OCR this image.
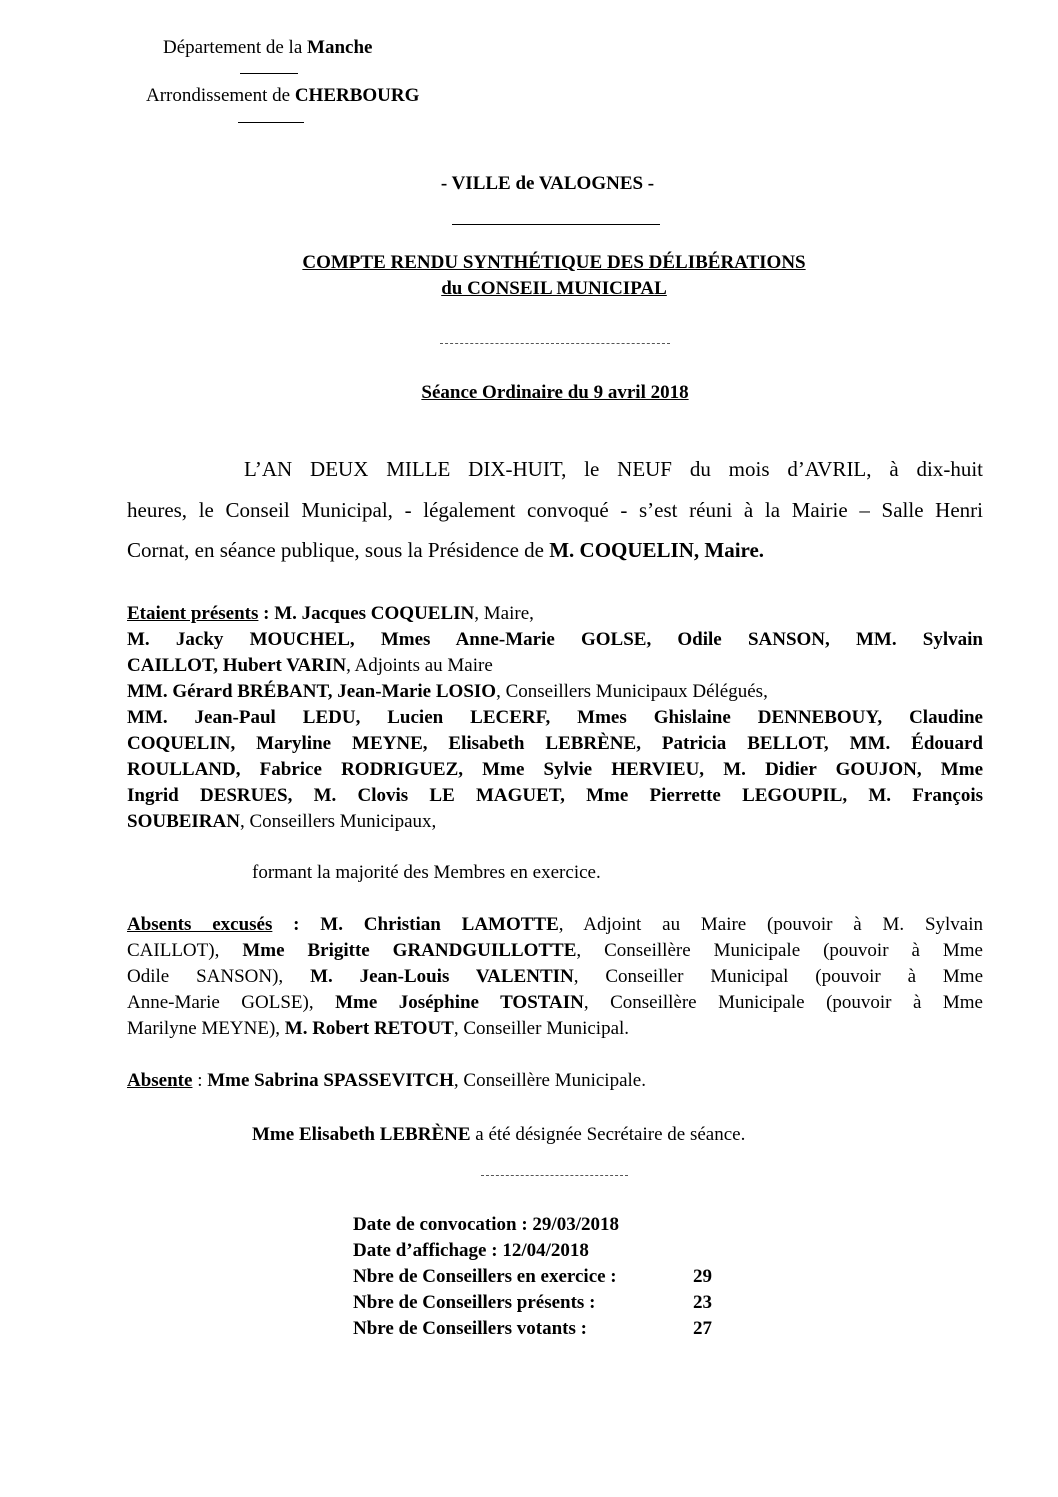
Département de la Manche
Arrondissement de CHERBOURG
- VILLE de VALOGNES -
COMPTE RENDU SYNTHÉTIQUE DES DÉLIBÉRATIONS
du CONSEIL MUNICIPAL
Séance Ordinaire du 9 avril 2018
L’AN DEUX MILLE DIX-HUIT, le NEUF du mois d’AVRIL, à dix-huit
heures, le Conseil Municipal, - légalement convoqué - s’est réuni à la Mairie – Salle Henri
Cornat, en séance publique, sous la Présidence de M. COQUELIN, Maire.
Etaient présents : M. Jacques COQUELIN, Maire,
M. Jacky MOUCHEL, Mmes Anne-Marie GOLSE, Odile SANSON, MM. Sylvain
CAILLOT, Hubert VARIN, Adjoints au Maire
MM. Gérard BRÉBANT, Jean-Marie LOSIO, Conseillers Municipaux Délégués,
MM. Jean-Paul LEDU, Lucien LECERF, Mmes Ghislaine DENNEBOUY, Claudine
COQUELIN, Maryline MEYNE, Elisabeth LEBRÈNE, Patricia BELLOT, MM. Édouard
ROULLAND, Fabrice RODRIGUEZ, Mme Sylvie HERVIEU, M. Didier GOUJON, Mme
Ingrid DESRUES, M. Clovis LE MAGUET, Mme Pierrette LEGOUPIL, M. François
SOUBEIRAN, Conseillers Municipaux,
formant la majorité des Membres en exercice.
Absents excusés : M. Christian LAMOTTE, Adjoint au Maire (pouvoir à M. Sylvain
CAILLOT), Mme Brigitte GRANDGUILLOTTE, Conseillère Municipale (pouvoir à Mme
Odile SANSON), M. Jean-Louis VALENTIN, Conseiller Municipal (pouvoir à Mme
Anne-Marie GOLSE), Mme Joséphine TOSTAIN, Conseillère Municipale (pouvoir à Mme
Marilyne MEYNE), M. Robert RETOUT, Conseiller Municipal.
Absente : Mme Sabrina SPASSEVITCH, Conseillère Municipale.
Mme Elisabeth LEBRÈNE a été désignée Secrétaire de séance.
Date de convocation : 29/03/2018
Date d’affichage : 12/04/2018
Nbre de Conseillers en exercice :	29
Nbre de Conseillers présents :	23
Nbre de Conseillers votants :	27
